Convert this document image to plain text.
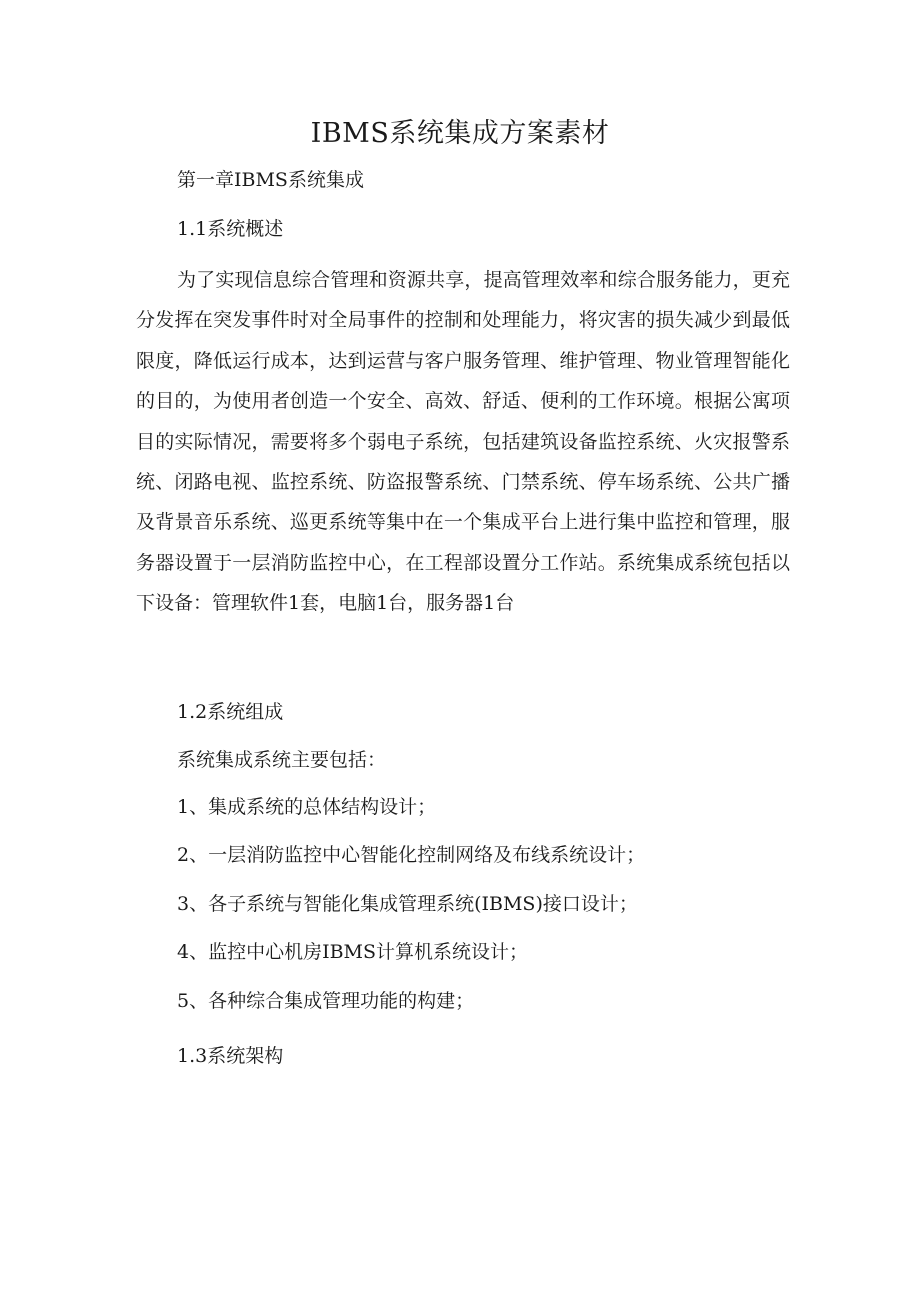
IBMS系统集成方案素材

第一章IBMS系统集成

1.1系统概述

为了实现信息综合管理和资源共享，提高管理效率和综合服务能力，更充分发挥在突发事件时对全局事件的控制和处理能力，将灾害的损失减少到最低限度，降低运行成本，达到运营与客户服务管理、维护管理、物业管理智能化的目的，为使用者创造一个安全、高效、舒适、便利的工作环境。根据公寓项目的实际情况，需要将多个弱电子系统，包括建筑设备监控系统、火灾报警系统、闭路电视、监控系统、防盗报警系统、门禁系统、停车场系统、公共广播及背景音乐系统、巡更系统等集中在一个集成平台上进行集中监控和管理，服务器设置于一层消防监控中心，在工程部设置分工作站。系统集成系统包括以下设备：管理软件1套，电脑1台，服务器1台

1.2系统组成

系统集成系统主要包括：

1、集成系统的总体结构设计；

2、一层消防监控中心智能化控制网络及布线系统设计；

3、各子系统与智能化集成管理系统(IBMS)接口设计；

4、监控中心机房IBMS计算机系统设计；

5、各种综合集成管理功能的构建；

1.3系统架构
